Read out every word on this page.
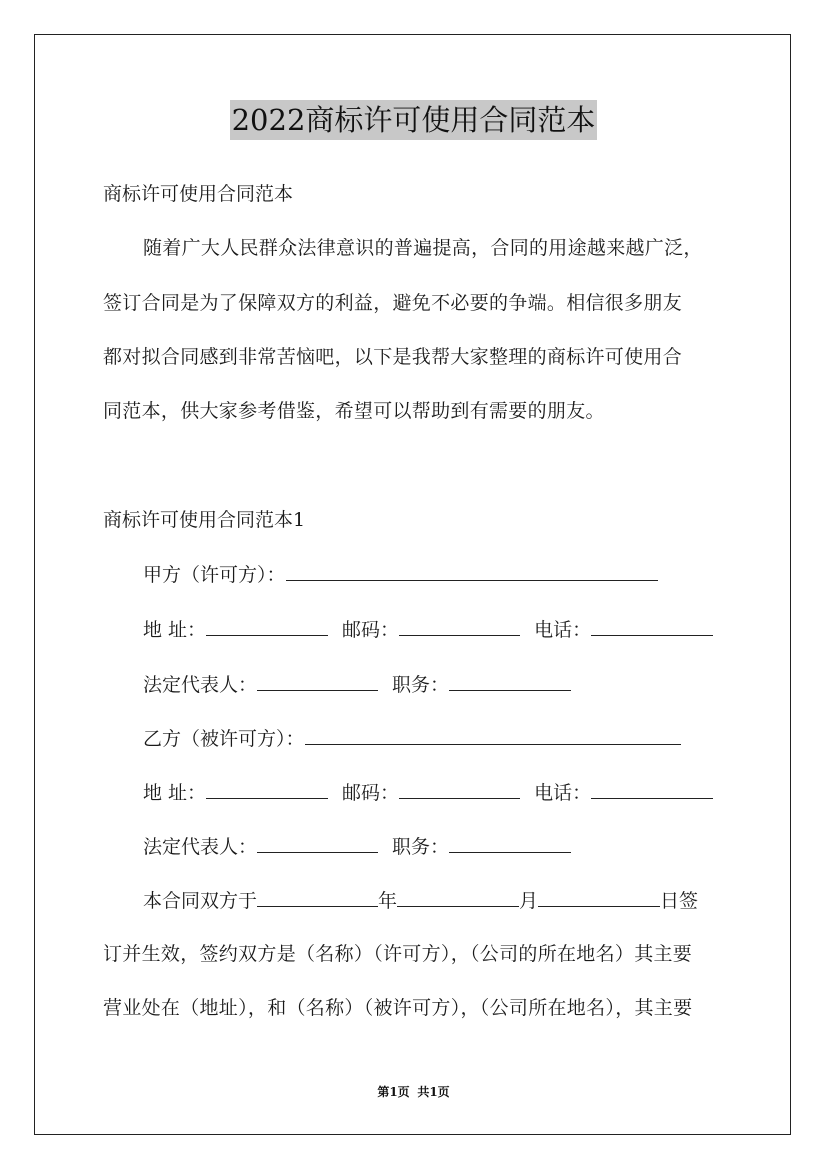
2022商标许可使用合同范本
商标许可使用合同范本
随着广大人民群众法律意识的普遍提高，合同的用途越来越广泛，
签订合同是为了保障双方的利益，避免不必要的争端。相信很多朋友
都对拟合同感到非常苦恼吧，以下是我帮大家整理的商标许可使用合
同范本，供大家参考借鉴，希望可以帮助到有需要的朋友。
商标许可使用合同范本1
甲方（许可方）：
地 址：	邮码：	电话：
法定代表人：	职务：
乙方（被许可方）：
地 址：	邮码：	电话：
法定代表人：	职务：
本合同双方于	年	月	日签
订并生效，签约双方是（名称）（许可方），（公司的所在地名）其主要
营业处在（地址），和（名称）（被许可方），（公司所在地名），其主要
第1页 共1页
